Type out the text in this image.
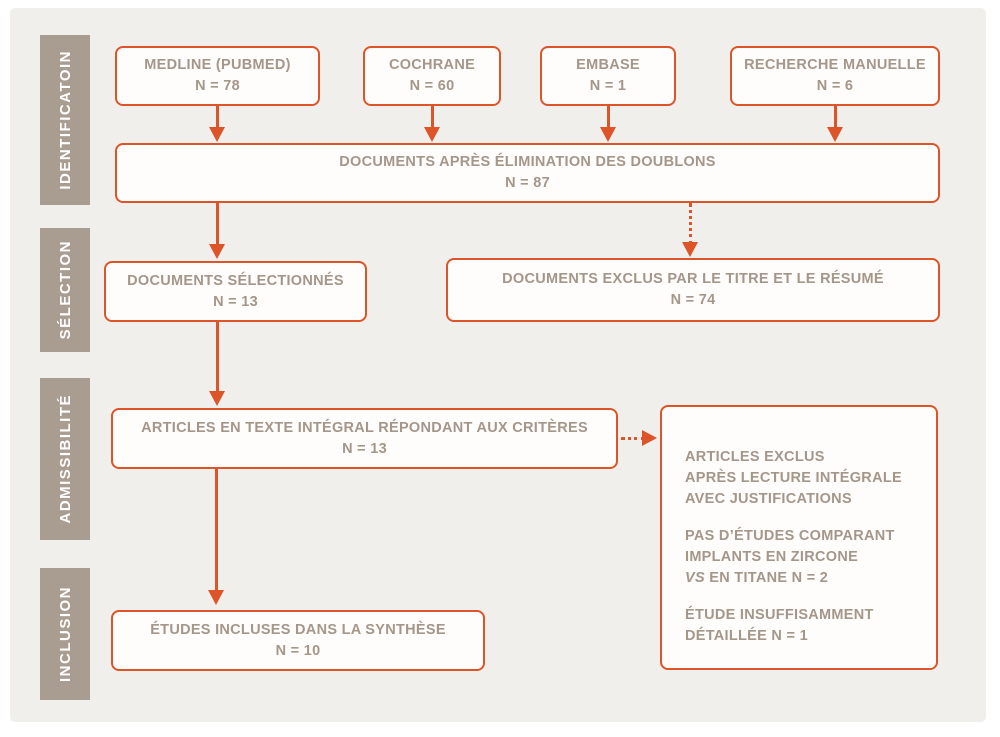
IDENTIFICATOIN
SÉLECTION
ADMISSIBILITÉ
INCLUSION
MEDLINE (PUBMED)
N = 78
COCHRANE
N = 60
EMBASE
N = 1
RECHERCHE MANUELLE
N = 6
DOCUMENTS APRÈS ÉLIMINATION DES DOUBLONS
N = 87
DOCUMENTS SÉLECTIONNÉS
N = 13
DOCUMENTS EXCLUS PAR LE TITRE ET LE RÉSUMÉ
N = 74
ARTICLES EN TEXTE INTÉGRAL RÉPONDANT AUX CRITÈRES
N = 13
ARTICLES EXCLUS
APRÈS LECTURE INTÉGRALE
AVEC JUSTIFICATIONS
PAS D’ÉTUDES COMPARANT
IMPLANTS EN ZIRCONE
VS EN TITANE N = 2
ÉTUDE INSUFFISAMMENT
DÉTAILLÉE N = 1
ÉTUDES INCLUSES DANS LA SYNTHÈSE
N = 10
